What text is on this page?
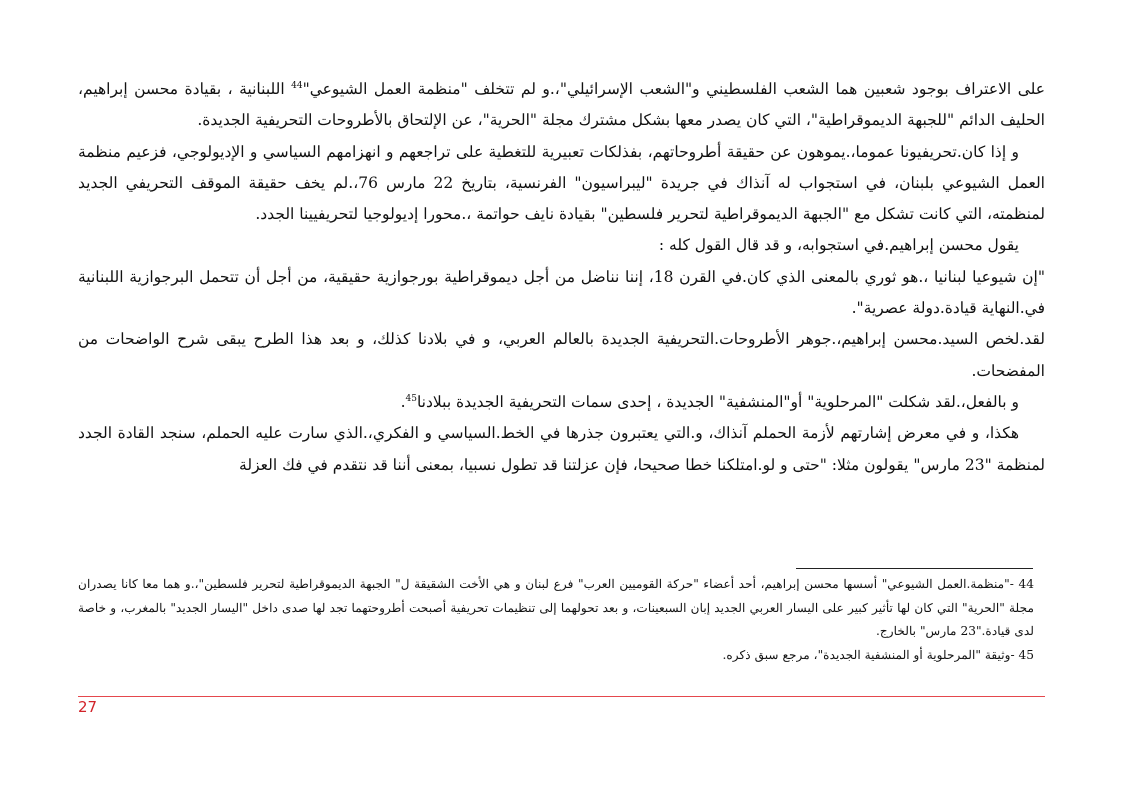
على الاعتراف بوجود شعبين هما الشعب الفلسطيني و"الشعب الإسرائيلي"،.و لم تتخلف "منظمة العمل الشيوعي"$^{44}$ اللبنانية ، بقيادة محسن إبراهيم، الحليف الدائم "للجبهة الديموقراطية"، التي كان يصدر معها بشكل مشترك مجلة "الحرية"، عن الإلتحاق بالأطروحات التحريفية الجديدة.

و إذا كان.تحريفيونا عموما،.يموهون عن حقيقة أطروحاتهم، بفذلكات تعبيرية للتغطية على تراجعهم و انهزامهم السياسي و الإديولوجي، فزعيم منظمة العمل الشيوعي بلبنان، في استجواب له آنذاك في جريدة "ليبراسيون" الفرنسية، بتاريخ 22 مارس 76،.لم يخف حقيقة الموقف التحريفي الجديد لمنظمته، التي كانت تشكل مع "الجبهة الديموقراطية لتحرير فلسطين" بقيادة نايف حواتمة ،.محورا إديولوجيا لتحريفيينا الجدد.

يقول محسن إبراهيم.في استجوابه، و قد قال القول كله :

"إن شيوعيا لبنانيا ،.هو ثوري بالمعنى الذي كان.في القرن 18، إننا نناضل من أجل ديموقراطية بورجوازية حقيقية، من أجل أن تتحمل البرجوازية اللبنانية في.النهاية قيادة.دولة عصرية".

لقد.لخص السيد.محسن إبراهيم،.جوهر الأطروحات.التحريفية الجديدة بالعالم العربي، و في بلادنا كذلك، و بعد هذا الطرح يبقى شرح الواضحات من المفضحات.

و بالفعل،.لقد شكلت "المرحلوية" أو"المنشفية" الجديدة ، إحدى سمات التحريفية الجديدة ببلادنا$^{45}$.

هكذا، و في معرض إشارتهم لأزمة الحملم آنذاك، و.التي يعتبرون جذرها في الخط.السياسي و الفكري،.الذي سارت عليه الحملم، سنجد القادة الجدد لمنظمة "23 مارس" يقولون مثلا: "حتى و لو.امتلكنا خطا صحيحا، فإن عزلتنا قد تطول نسبيا، بمعنى أننا قد نتقدم في فك العزلة

44 -"منظمة.العمل الشيوعي" أسسها محسن إبراهيم، أحد أعضاء "حركة القوميين العرب" فرع لبنان و هي الأخت الشقيقة ل" الجبهة الديموقراطية لتحرير فلسطين"،.و هما معا كانا يصدران مجلة "الحرية" التي كان لها تأثير كبير على اليسار العربي الجديد إبان السبعينات، و بعد تحولهما إلى تنظيمات تحريفية أصبحت أطروحتهما تجد لها صدى داخل "اليسار الجديد" بالمغرب، و خاصة لدى قيادة."23 مارس" بالخارج.

45 -وثيقة "المرحلوية أو المنشفية الجديدة"، مرجع سبق ذكره.

27
